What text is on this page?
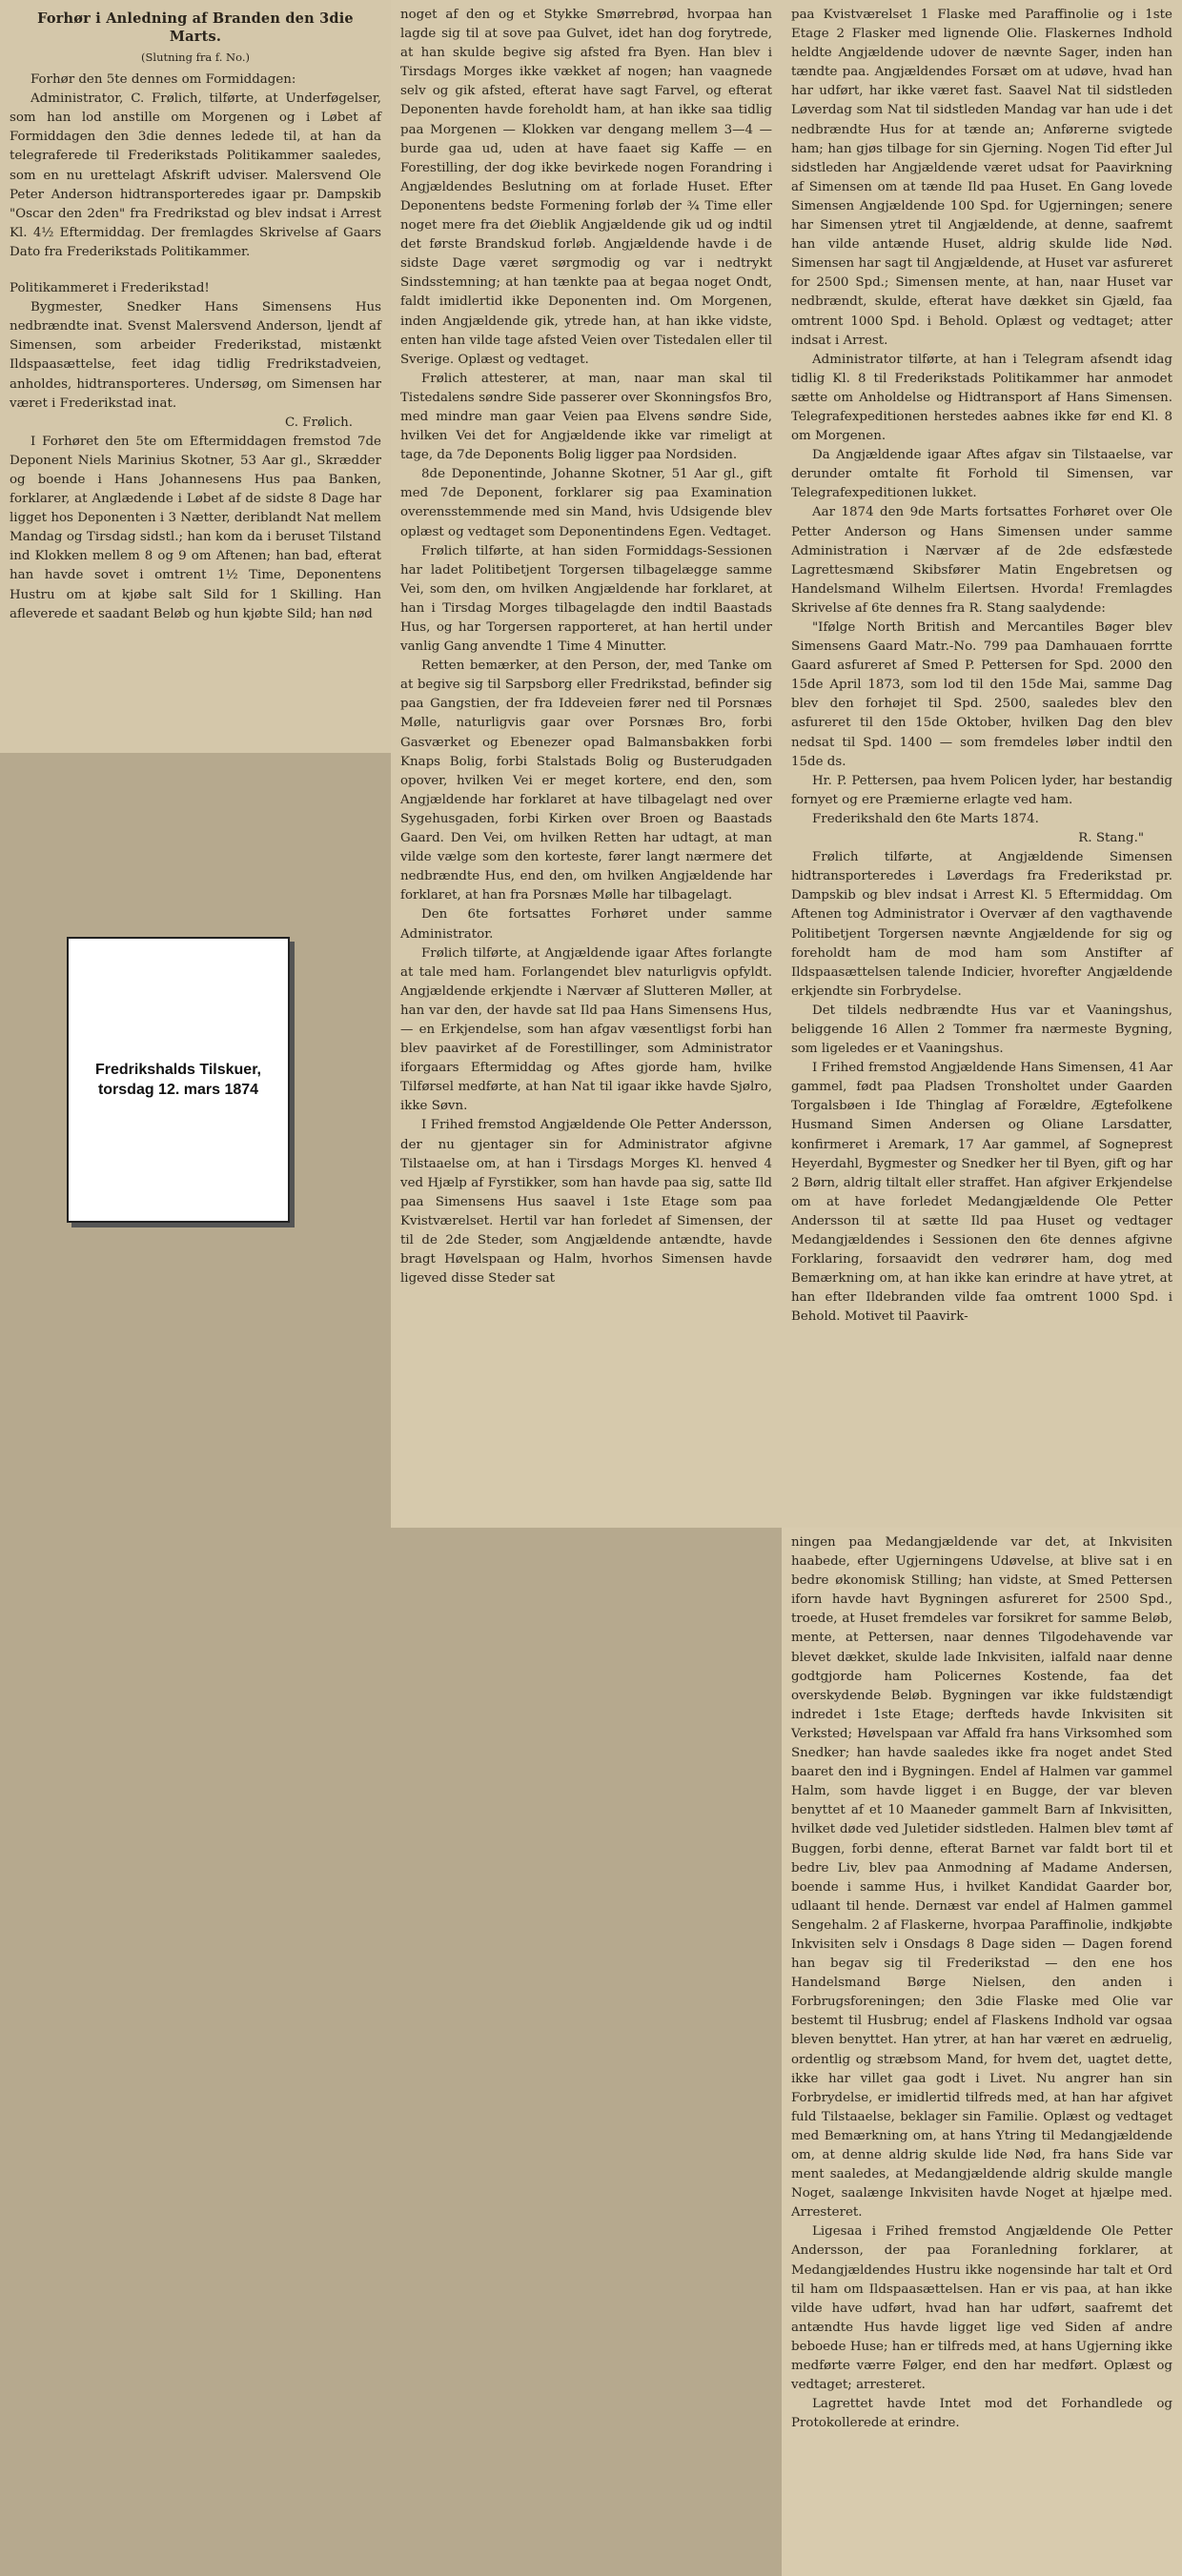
Forhør i Anledning af Branden den 3die Marts.

(Slutning fra f. No.)

Forhør den 5te dennes om Formiddagen:

Administrator, C. Frølich, tilførte, at Underføgelser, som han lod anstille om Morgenen og i Løbet af Formiddagen den 3die dennes ledede til, at han da telegraferede til Frederikstads Politikammer saaledes, som en nu urettelagt Afskrift udviser. Malersvend Ole Peter Anderson hidtransporteredes igaar pr. Dampskib "Oscar den 2den" fra Fredrikstad og blev indsat i Arrest Kl. 4½ Eftermiddag. Der fremlagdes Skrivelse af Gaars Dato fra Frederikstads Politikammer.

Politikammeret i Frederikstad!

Bygmester, Snedker Hans Simensens Hus nedbrændte inat. Svenst Malersvend Anderson, ljendt af Simensen, som arbeider Frederikstad, mistænkt Ildspaasættelse, feet idag tidlig Fredrikstadveien, anholdes, hidtransporteres. Undersøg, om Simensen har været i Frederikstad inat.

C. Frølich.

I Forhøret den 5te om Eftermiddagen fremstod 7de Deponent Niels Marinius Skotner, 53 Aar gl., Skrædder og boende i Hans Johannesens Hus paa Banken, forklarer, at Anglædende i Løbet af de sidste 8 Dage har ligget hos Deponenten i 3 Nætter, deriblandt Nat mellem Mandag og Tirsdag sidstl.; han kom da i beruset Tilstand ind Klokken mellem 8 og 9 om Aftenen; han bad, efterat han havde sovet i omtrent 1½ Time, Deponentens Hustru om at kjøbe salt Sild for 1 Skilling. Han afleverede et saadant Beløb og hun kjøbte Sild; han nød

noget af den og et Stykke Smørrebrød, hvorpaa han lagde sig til at sove paa Gulvet, idet han dog forytrede, at han skulde begive sig afsted fra Byen. Han blev i Tirsdags Morges ikke vækket af nogen; han vaagnede selv og gik afsted, efterat have sagt Farvel, og efterat Deponenten havde foreholdt ham, at han ikke saa tidlig paa Morgenen — Klokken var dengang mellem 3—4 — burde gaa ud, uden at have faaet sig Kaffe — en Forestilling, der dog ikke bevirkede nogen Forandring i Angjældendes Beslutning om at forlade Huset. Efter Deponentens bedste Formening forløb der ¾ Time eller noget mere fra det Øieblik Angjældende gik ud og indtil det første Brandskud forløb. Angjældende havde i de sidste Dage været sørgmodig og var i nedtrykt Sindsstemning; at han tænkte paa at begaa noget Ondt, faldt imidlertid ikke Deponenten ind. Om Morgenen, inden Angjældende gik, ytrede han, at han ikke vidste, enten han vilde tage afsted Veien over Tistedalen eller til Sverige. Oplæst og vedtaget.

Frølich attesterer, at man, naar man skal til Tistedalens søndre Side passerer over Skonningsfos Bro, med mindre man gaar Veien paa Elvens søndre Side, hvilken Vei det for Angjældende ikke var rimeligt at tage, da 7de Deponents Bolig ligger paa Nordsiden.

8de Deponentinde, Johanne Skotner, 51 Aar gl., gift med 7de Deponent, forklarer sig paa Examination overensstemmende med sin Mand, hvis Udsigende blev oplæst og vedtaget som Deponentindens Egen. Vedtaget.

Frølich tilførte, at han siden Formiddags-Sessionen har ladet Politibetjent Torgersen tilbagelægge samme Vei, som den, om hvilken Angjældende har forklaret, at han i Tirsdag Morges tilbagelagde den indtil Baastads Hus, og har Torgersen rapporteret, at han hertil under vanlig Gang anvendte 1 Time 4 Minutter.

Retten bemærker, at den Person, der, med Tanke om at begive sig til Sarpsborg eller Fredrikstad, befinder sig paa Gangstien, der fra Iddeveien fører ned til Porsnæs Mølle, naturligvis gaar over Porsnæs Bro, forbi Gasværket og Ebenezer opad Balmansbakken forbi Knaps Bolig, forbi Stalstads Bolig og Busterudgaden opover, hvilken Vei er meget kortere, end den, som Angjældende har forklaret at have tilbagelagt ned over Sygehusgaden, forbi Kirken over Broen og Baastads Gaard. Den Vei, om hvilken Retten har udtagt, at man vilde vælge som den korteste, fører langt nærmere det nedbrændte Hus, end den, om hvilken Angjældende har forklaret, at han fra Porsnæs Mølle har tilbagelagt.

Den 6te fortsattes Forhøret under samme Administrator.

Frølich tilførte, at Angjældende igaar Aftes forlangte at tale med ham. Forlangendet blev naturligvis opfyldt. Angjældende erkjendte i Nærvær af Slutteren Møller, at han var den, der havde sat Ild paa Hans Simensens Hus, — en Erkjendelse, som han afgav væsentligst forbi han blev paavirket af de Forestillinger, som Administrator iforgaars Eftermiddag og Aftes gjorde ham, hvilke Tilførsel medførte, at han Nat til igaar ikke havde Sjølro, ikke Søvn.

I Frihed fremstod Angjældende Ole Petter Andersson, der nu gjentager sin for Administrator afgivne Tilstaaelse om, at han i Tirsdags Morges Kl. henved 4 ved Hjælp af Fyrstikker, som han havde paa sig, satte Ild paa Simensens Hus saavel i 1ste Etage som paa Kvistværelset. Hertil var han forledet af Simensen, der til de 2de Steder, som Angjældende antændte, havde bragt Høvelspaan og Halm, hvorhos Simensen havde ligeved disse Steder sat

paa Kvistværelset 1 Flaske med Paraffinolie og i 1ste Etage 2 Flasker med lignende Olie. Flaskernes Indhold heldte Angjældende udover de nævnte Sager, inden han tændte paa. Angjældendes Forsæt om at udøve, hvad han har udført, har ikke været fast. Saavel Nat til sidstleden Løverdag som Nat til sidstleden Mandag var han ude i det nedbrændte Hus for at tænde an; Anførerne svigtede ham; han gjøs tilbage for sin Gjerning. Nogen Tid efter Jul sidstleden har Angjældende været udsat for Paavirkning af Simensen om at tænde Ild paa Huset. En Gang lovede Simensen Angjældende 100 Spd. for Ugjerningen; senere har Simensen ytret til Angjældende, at denne, saafremt han vilde antænde Huset, aldrig skulde lide Nød. Simensen har sagt til Angjældende, at Huset var asfureret for 2500 Spd.; Simensen mente, at han, naar Huset var nedbrændt, skulde, efterat have dækket sin Gjæld, faa omtrent 1000 Spd. i Behold. Oplæst og vedtaget; atter indsat i Arrest.

Administrator tilførte, at han i Telegram afsendt idag tidlig Kl. 8 til Frederikstads Politikammer har anmodet sætte om Anholdelse og Hidtransport af Hans Simensen. Telegrafexpeditionen herstedes aabnes ikke før end Kl. 8 om Morgenen.

Da Angjældende igaar Aftes afgav sin Tilstaaelse, var derunder omtalte fit Forhold til Simensen, var Telegrafexpeditionen lukket.

Aar 1874 den 9de Marts fortsattes Forhøret over Ole Petter Anderson og Hans Simensen under samme Administration i Nærvær af de 2de edsfæstede Lagrettesmænd Skibsfører Matin Engebretsen og Handelsmand Wilhelm Eilertsen. Hvorda! Fremlagdes Skrivelse af 6te dennes fra R. Stang saalydende:

"Ifølge North British and Mercantiles Bøger blev Simensens Gaard Matr.-No. 799 paa Damhauaen forrtte Gaard asfureret af Smed P. Pettersen for Spd. 2000 den 15de April 1873, som lod til den 15de Mai, samme Dag blev den forhøjet til Spd. 2500, saaledes blev den asfureret til den 15de Oktober, hvilken Dag den blev nedsat til Spd. 1400 — som fremdeles løber indtil den 15de ds.

Hr. P. Pettersen, paa hvem Policen lyder, har bestandig fornyet og ere Præmierne erlagte ved ham.

Frederikshald den 6te Marts 1874.

R. Stang."

Frølich tilførte, at Angjældende Simensen hidtransporteredes i Løverdags fra Frederikstad pr. Dampskib og blev indsat i Arrest Kl. 5 Eftermiddag. Om Aftenen tog Administrator i Overvær af den vagthavende Politibetjent Torgersen nævnte Angjældende for sig og foreholdt ham de mod ham som Anstifter af Ildspaasættelsen talende Indicier, hvorefter Angjældende erkjendte sin Forbrydelse.

Det tildels nedbrændte Hus var et Vaaningshus, beliggende 16 Allen 2 Tommer fra nærmeste Bygning, som ligeledes er et Vaaningshus.

I Frihed fremstod Angjældende Hans Simensen, 41 Aar gammel, født paa Pladsen Tronsholtet under Gaarden Torgalsbøen i Ide Thinglag af Forældre, Ægtefolkene Husmand Simen Andersen og Oliane Larsdatter, konfirmeret i Aremark, 17 Aar gammel, af Sogneprest Heyerdahl, Bygmester og Snedker her til Byen, gift og har 2 Børn, aldrig tiltalt eller straffet. Han afgiver Erkjendelse om at have forledet Medangjældende Ole Petter Andersson til at sætte Ild paa Huset og vedtager Medangjældendes i Sessionen den 6te dennes afgivne Forklaring, forsaavidt den vedrører ham, dog med Bemærkning om, at han ikke kan erindre at have ytret, at han efter Ildebranden vilde faa omtrent 1000 Spd. i Behold. Motivet til Paavirk-

ningen paa Medangjældende var det, at Inkvisiten haabede, efter Ugjerningens Udøvelse, at blive sat i en bedre økonomisk Stilling; han vidste, at Smed Pettersen iforn havde havt Bygningen asfureret for 2500 Spd., troede, at Huset fremdeles var forsikret for samme Beløb, mente, at Pettersen, naar dennes Tilgodehavende var blevet dækket, skulde lade Inkvisiten, ialfald naar denne godtgjorde ham Policernes Kostende, faa det overskydende Beløb. Bygningen var ikke fuldstændigt indredet i 1ste Etage; derfteds havde Inkvisiten sit Verksted; Høvelspaan var Affald fra hans Virksomhed som Snedker; han havde saaledes ikke fra noget andet Sted baaret den ind i Bygningen. Endel af Halmen var gammel Halm, som havde ligget i en Bugge, der var bleven benyttet af et 10 Maaneder gammelt Barn af Inkvisitten, hvilket døde ved Juletider sidstleden. Halmen blev tømt af Buggen, forbi denne, efterat Barnet var faldt bort til et bedre Liv, blev paa Anmodning af Madame Andersen, boende i samme Hus, i hvilket Kandidat Gaarder bor, udlaant til hende. Dernæst var endel af Halmen gammel Sengehalm. 2 af Flaskerne, hvorpaa Paraffinolie, indkjøbte Inkvisiten selv i Onsdags 8 Dage siden — Dagen forend han begav sig til Frederikstad — den ene hos Handelsmand Børge Nielsen, den anden i Forbrugsforeningen; den 3die Flaske med Olie var bestemt til Husbrug; endel af Flaskens Indhold var ogsaa bleven benyttet. Han ytrer, at han har været en ædruelig, ordentlig og stræbsom Mand, for hvem det, uagtet dette, ikke har villet gaa godt i Livet. Nu angrer han sin Forbrydelse, er imidlertid tilfreds med, at han har afgivet fuld Tilstaaelse, beklager sin Familie. Oplæst og vedtaget med Bemærkning om, at hans Ytring til Medangjældende om, at denne aldrig skulde lide Nød, fra hans Side var ment saaledes, at Medangjældende aldrig skulde mangle Noget, saalænge Inkvisiten havde Noget at hjælpe med. Arresteret.

Ligesaa i Frihed fremstod Angjældende Ole Petter Andersson, der paa Foranledning forklarer, at Medangjældendes Hustru ikke nogensinde har talt et Ord til ham om Ildspaasættelsen. Han er vis paa, at han ikke vilde have udført, hvad han har udført, saafremt det antændte Hus havde ligget lige ved Siden af andre beboede Huse; han er tilfreds med, at hans Ugjerning ikke medførte værre Følger, end den har medført. Oplæst og vedtaget; arresteret.

Lagrettet havde Intet mod det Forhandlede og Protokollerede at erindre.

Fredrikshalds Tilskuer,
torsdag 12. mars 1874
